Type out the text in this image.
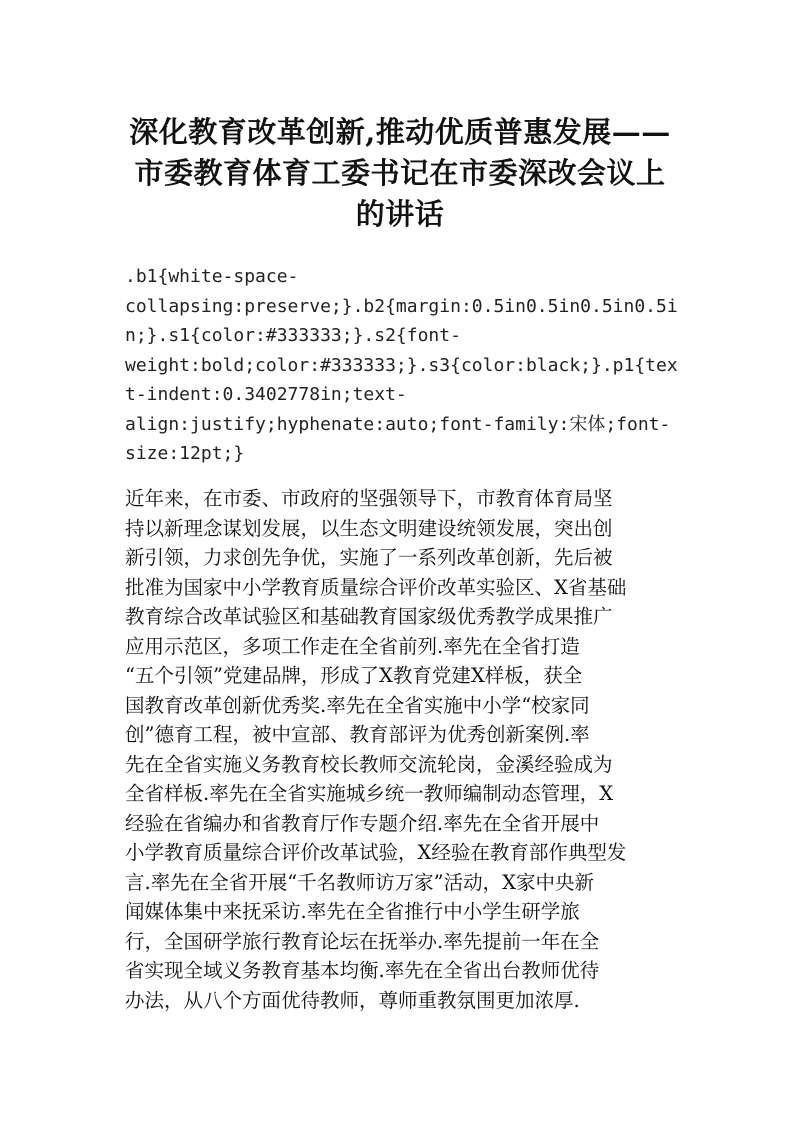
深化教育改革创新,推动优质普惠发展——
市委教育体育工委书记在市委深改会议上
的讲话
.b1{white-space-
collapsing:preserve;}.b2{margin:0.5in0.5in0.5in0.5i
n;}.s1{color:#333333;}.s2{font-
weight:bold;color:#333333;}.s3{color:black;}.p1{tex
t-indent:0.3402778in;text-
align:justify;hyphenate:auto;font-family:宋体;font-
size:12pt;}
近年来，在市委、市政府的坚强领导下，市教育体育局坚
持以新理念谋划发展，以生态文明建设统领发展，突出创
新引领，力求创先争优，实施了一系列改革创新，先后被
批准为国家中小学教育质量综合评价改革实验区、X省基础
教育综合改革试验区和基础教育国家级优秀教学成果推广
应用示范区，多项工作走在全省前列.率先在全省打造
“五个引领”党建品牌，形成了X教育党建X样板，获全
国教育改革创新优秀奖.率先在全省实施中小学“校家同
创”德育工程，被中宣部、教育部评为优秀创新案例.率
先在全省实施义务教育校长教师交流轮岗，金溪经验成为
全省样板.率先在全省实施城乡统一教师编制动态管理，X
经验在省编办和省教育厅作专题介绍.率先在全省开展中
小学教育质量综合评价改革试验，X经验在教育部作典型发
言.率先在全省开展“千名教师访万家”活动，X家中央新
闻媒体集中来抚采访.率先在全省推行中小学生研学旅
行，全国研学旅行教育论坛在抚举办.率先提前一年在全
省实现全域义务教育基本均衡.率先在全省出台教师优待
办法，从八个方面优待教师，尊师重教氛围更加浓厚.
